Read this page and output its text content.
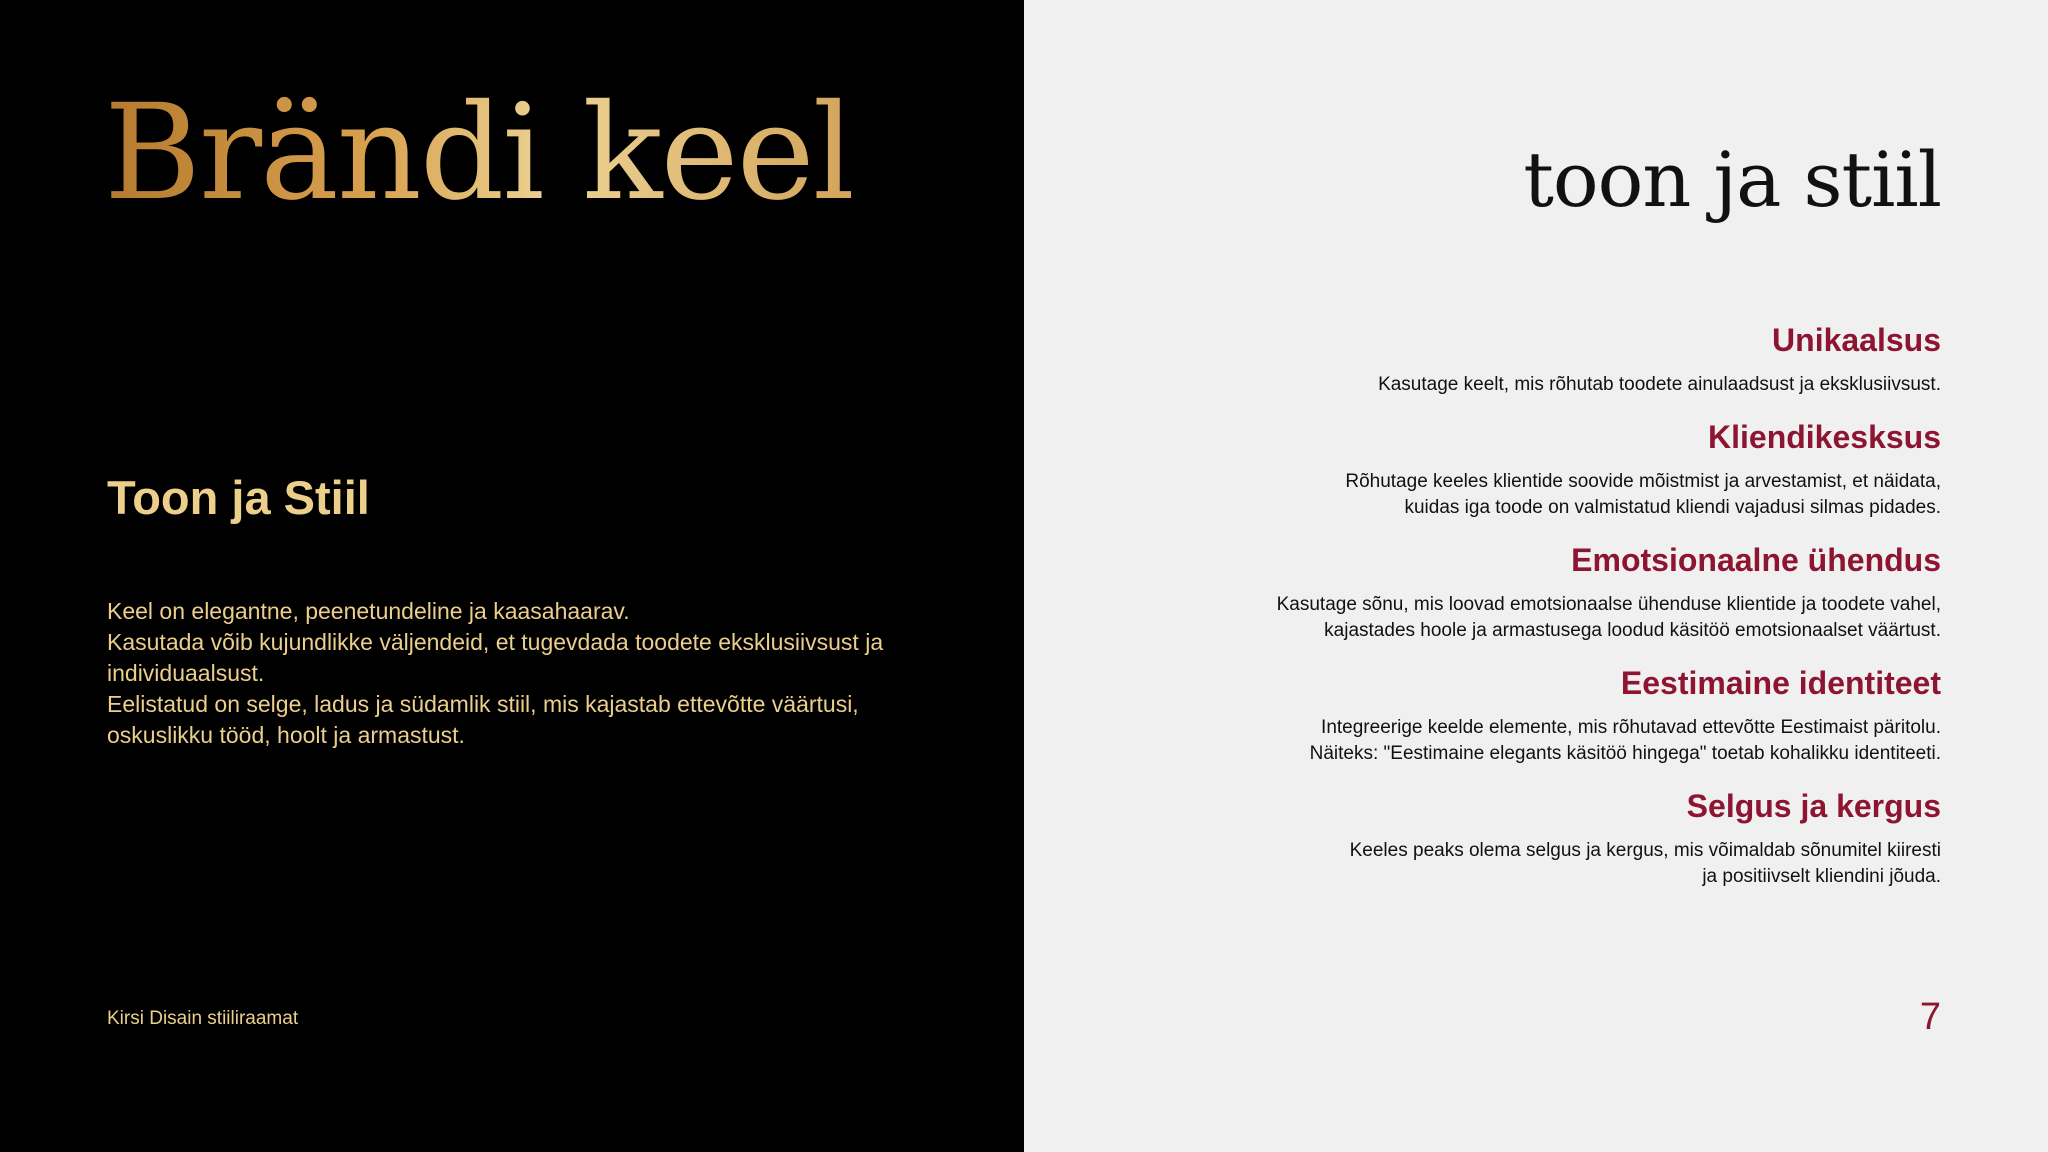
Brändi keel
Toon ja Stiil

Keel on elegantne, peenetundeline ja kaasahaarav.
Kasutada võib kujundlikke väljendeid, et tugevdada toodete eksklusiivsust ja
individuaalsust.
Eelistatud on selge, ladus ja südamlik stiil, mis kajastab ettevõtte väärtusi,
oskuslikku tööd, hoolt ja armastust.

Kirsi Disain stiiliraamat
toon ja stiil
Unikaalsus

Kasutage keelt, mis rõhutab toodete ainulaadsust ja eksklusiivsust.

Kliendikesksus

Rõhutage keeles klientide soovide mõistmist ja arvestamist, et näidata,
kuidas iga toode on valmistatud kliendi vajadusi silmas pidades.

Emotsionaalne ühendus

Kasutage sõnu, mis loovad emotsionaalse ühenduse klientide ja toodete vahel,
kajastades hoole ja armastusega loodud käsitöö emotsionaalset väärtust.

Eestimaine identiteet

Integreerige keelde elemente, mis rõhutavad ettevõtte Eestimaist päritolu.
Näiteks: "Eestimaine elegants käsitöö hingega" toetab kohalikku identiteeti.

Selgus ja kergus

Keeles peaks olema selgus ja kergus, mis võimaldab sõnumitel kiiresti
ja positiivselt kliendini jõuda.

7
